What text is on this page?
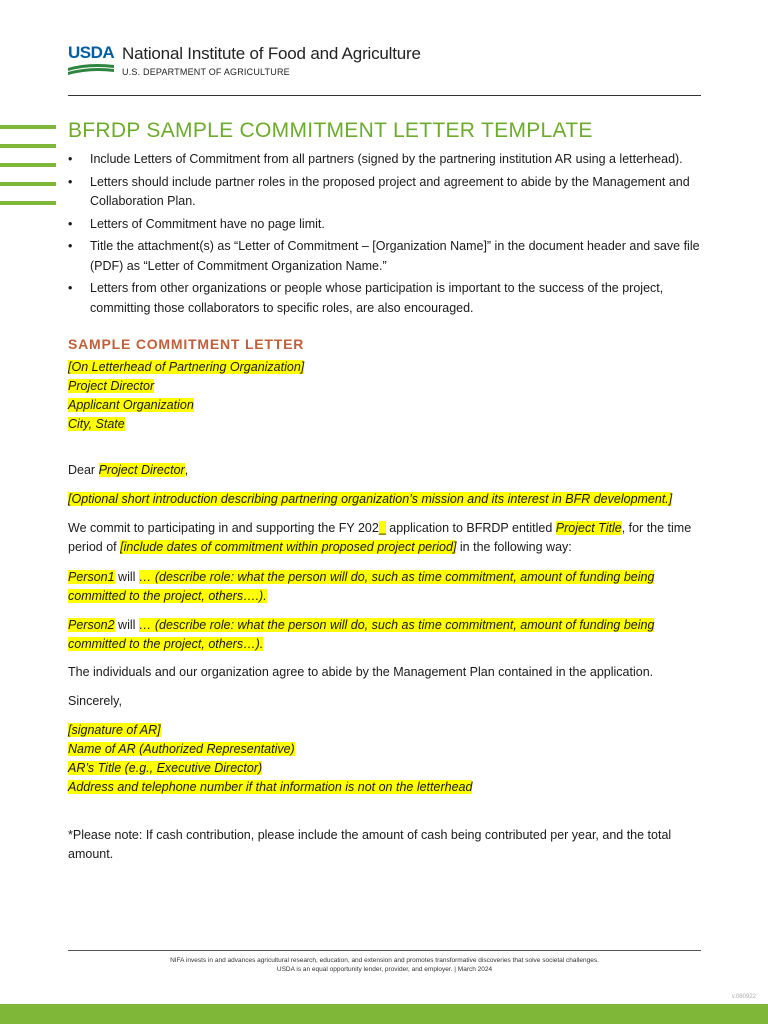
USDA National Institute of Food and Agriculture
U.S. DEPARTMENT OF AGRICULTURE
BFRDP SAMPLE COMMITMENT LETTER TEMPLATE
• Include Letters of Commitment from all partners (signed by the partnering institution AR using a letterhead).
• Letters should include partner roles in the proposed project and agreement to abide by the Management and Collaboration Plan.
• Letters of Commitment have no page limit.
• Title the attachment(s) as “Letter of Commitment – [Organization Name]” in the document header and save file (PDF) as “Letter of Commitment Organization Name.”
• Letters from other organizations or people whose participation is important to the success of the project, committing those collaborators to specific roles, are also encouraged.
SAMPLE COMMITMENT LETTER
[On Letterhead of Partnering Organization]
Project Director
Applicant Organization
City, State
Dear Project Director,
[Optional short introduction describing partnering organization’s mission and its interest in BFR development.]
We commit to participating in and supporting the FY 202_ application to BFRDP entitled Project Title, for the time period of [include dates of commitment within proposed project period] in the following way:
Person1 will … (describe role: what the person will do, such as time commitment, amount of funding being committed to the project, others….).
Person2 will … (describe role: what the person will do, such as time commitment, amount of funding being committed to the project, others…).
The individuals and our organization agree to abide by the Management Plan contained in the application.
Sincerely,
[signature of AR]
Name of AR (Authorized Representative)
AR’s Title (e.g., Executive Director)
Address and telephone number if that information is not on the letterhead
*Please note: If cash contribution, please include the amount of cash being contributed per year, and the total amount.
NIFA invests in and advances agricultural research, education, and extension and promotes transformative discoveries that solve societal challenges.
USDA is an equal opportunity lender, provider, and employer. | March 2024
v.080922
